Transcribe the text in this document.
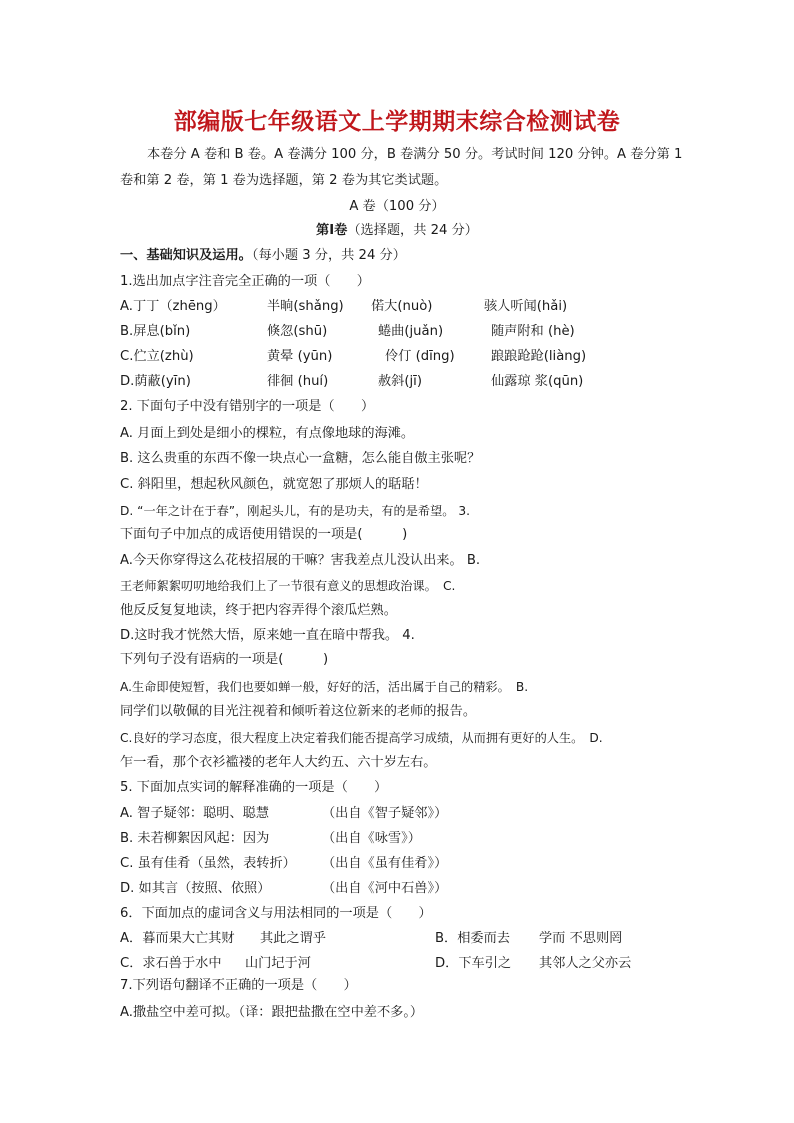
部编版七年级语文上学期期末综合检测试卷
本卷分 A 卷和 B 卷。A 卷满分 100 分，B 卷满分 50 分。考试时间 120 分钟。A 卷分第 1
卷和第 2 卷，第 1 卷为选择题，第 2 卷为其它类试题。
A 卷（100 分）
第Ⅰ卷（选择题，共 24 分）
一、基础知识及运用。（每小题 3 分，共 24 分）
1.选出加点字注音完全正确的一项（　　）
A.丁丁（zhēng）	半晌(shǎng) 偌大(nuò)	骇人听闻(hǎi)
B.屏息(bǐn)	倏忽(shū)	蜷曲(juǎn)	随声附和 (hè)
C.伫立(zhù)	黄晕 (yūn)	伶仃 (dīng)	踉踉跄跄(liàng)
D.荫蔽(yīn)	徘徊 (huí)	赦斜(jī)	仙露琼 浆(qūn)
2. 下面句子中没有错别字的一项是（　　）
A. 月面上到处是细小的棵粒，有点像地球的海滩。
B. 这么贵重的东西不像一块点心一盒糖，怎么能自傲主张呢？
C. 斜阳里，想起秋风颜色，就宽恕了那烦人的聒聒！
D. “一年之计在于春”，刚起头儿，有的是功夫，有的是希望。 3.
下面句子中加点的成语使用错误的一项是(　　　)
A.今天你穿得这么花枝招展的干嘛？害我差点儿没认出来。 B.
王老师絮絮叨叨地给我们上了一节很有意义的思想政治课。　C.
他反反复复地读，终于把内容弄得个滚瓜烂熟。
D.这时我才恍然大悟，原来她一直在暗中帮我。 4.
下列句子没有语病的一项是(　　　)
A.生命即使短暂，我们也要如蝉一般，好好的活，活出属于自己的精彩。　B.
同学们以敬佩的目光注视着和倾听着这位新来的老师的报告。
C.良好的学习态度，很大程度上决定着我们能否提高学习成绩，从而拥有更好的人生。　D.
乍一看，那个衣衫褴褛的老年人大约五、六十岁左右。
5. 下面加点实词的解释准确的一项是（　　）
A. 智子疑邻：聪明、聪慧	（出自《智子疑邻》）
B. 未若柳絮因风起：因为	（出自《咏雪》）
C. 虽有佳肴（虽然，表转折） （出自《虽有佳肴》）
D. 如其言（按照、依照）	（出自《河中石兽》）
6．下面加点的虚词含义与用法相同的一项是（　　）
A．暮而果大亡其财 其此之谓乎	B．相委而去 学而 不思则罔
C．求石兽于水中 山门圮于河	D．下车引之 其邻人之父亦云
7.下列语句翻译不正确的一项是（　　）
A.撒盐空中差可拟。（译：跟把盐撒在空中差不多。）
